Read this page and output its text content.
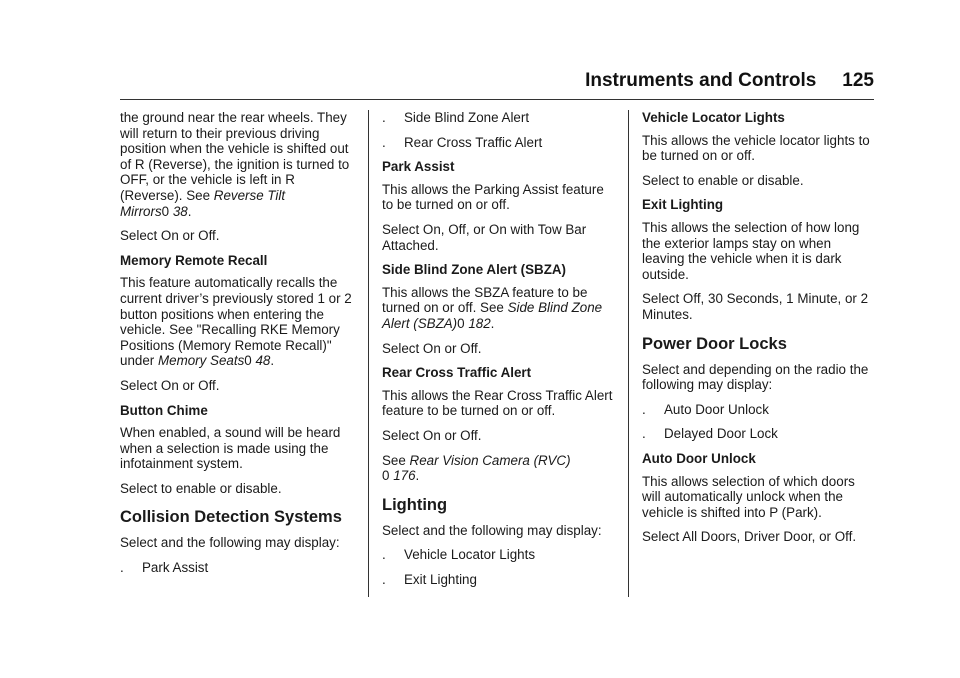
Instruments and Controls 125

the ground near the rear wheels. They will return to their previous driving position when the vehicle is shifted out of R (Reverse), the ignition is turned to OFF, or the vehicle is left in R (Reverse). See Reverse Tilt Mirrors0 38.

Select On or Off.

Memory Remote Recall

This feature automatically recalls the current driver’s previously stored 1 or 2 button positions when entering the vehicle. See "Recalling RKE Memory Positions (Memory Remote Recall)" under Memory Seats0 48.

Select On or Off.

Button Chime

When enabled, a sound will be heard when a selection is made using the infotainment system.

Select to enable or disable.

Collision Detection Systems

Select and the following may display:

.	Park Assist
.	Side Blind Zone Alert
.	Rear Cross Traffic Alert

Park Assist

This allows the Parking Assist feature to be turned on or off.

Select On, Off, or On with Tow Bar Attached.

Side Blind Zone Alert (SBZA)

This allows the SBZA feature to be turned on or off. See Side Blind Zone Alert (SBZA)0 182.

Select On or Off.

Rear Cross Traffic Alert

This allows the Rear Cross Traffic Alert feature to be turned on or off.

Select On or Off.

See Rear Vision Camera (RVC)
0 176.

Lighting

Select and the following may display:

.	Vehicle Locator Lights
.	Exit Lighting

Vehicle Locator Lights

This allows the vehicle locator lights to be turned on or off.

Select to enable or disable.

Exit Lighting

This allows the selection of how long the exterior lamps stay on when leaving the vehicle when it is dark outside.

Select Off, 30 Seconds, 1 Minute, or 2 Minutes.

Power Door Locks

Select and depending on the radio the following may display:

.	Auto Door Unlock
.	Delayed Door Lock

Auto Door Unlock

This allows selection of which doors will automatically unlock when the vehicle is shifted into P (Park).

Select All Doors, Driver Door, or Off.
